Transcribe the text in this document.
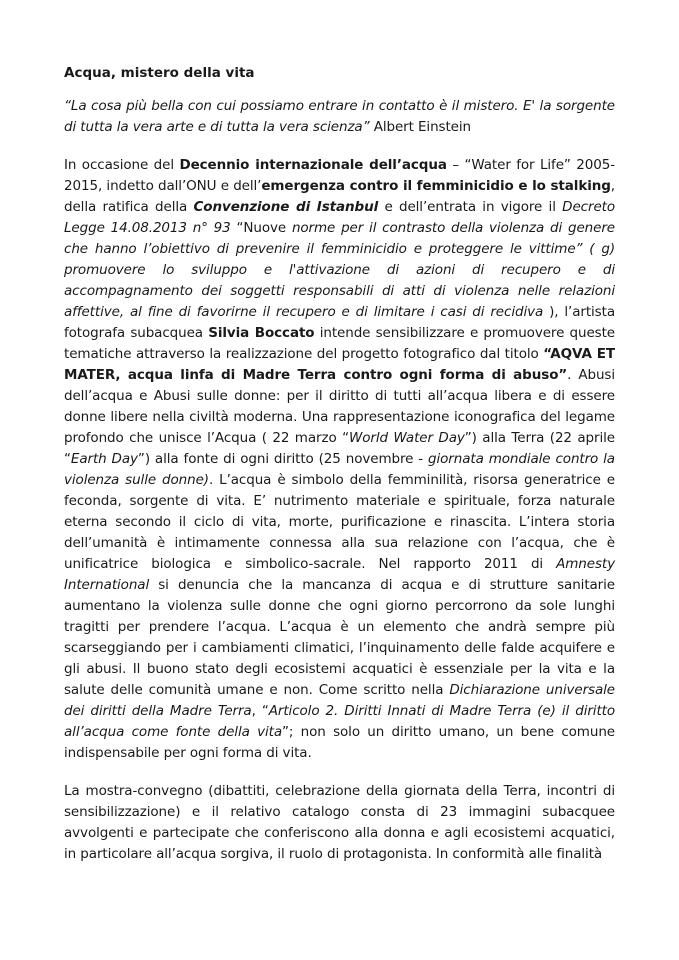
Acqua, mistero della vita

“La cosa più bella con cui possiamo entrare in contatto è il mistero. E' la sorgente di tutta la vera arte e di tutta la vera scienza” Albert Einstein

In occasione del Decennio internazionale dell’acqua – “Water for Life” 2005-2015, indetto dall’ONU e dell’emergenza contro il femminicidio e lo stalking, della ratifica della Convenzione di Istanbul e dell’entrata in vigore il Decreto Legge 14.08.2013 n° 93 “Nuove norme per il contrasto della violenza di genere che hanno l’obiettivo di prevenire il femminicidio e proteggere le vittime” ( g) promuovere lo sviluppo e l'attivazione di azioni di recupero e di accompagnamento dei soggetti responsabili di atti di violenza nelle relazioni affettive, al fine di favorirne il recupero e di limitare i casi di recidiva ), l’artista fotografa subacquea Silvia Boccato intende sensibilizzare e promuovere queste tematiche attraverso la realizzazione del progetto fotografico dal titolo “AQVA ET MATER, acqua linfa di Madre Terra contro ogni forma di abuso”. Abusi dell’acqua e Abusi sulle donne: per il diritto di tutti all’acqua libera e di essere donne libere nella civiltà moderna. Una rappresentazione iconografica del legame profondo che unisce l’Acqua ( 22 marzo “World Water Day”) alla Terra (22 aprile “Earth Day”) alla fonte di ogni diritto (25 novembre - giornata mondiale contro la violenza sulle donne). L’acqua è simbolo della femminilità, risorsa generatrice e feconda, sorgente di vita. E’ nutrimento materiale e spirituale, forza naturale eterna secondo il ciclo di vita, morte, purificazione e rinascita. L’intera storia dell’umanità è intimamente connessa alla sua relazione con l’acqua, che è unificatrice biologica e simbolico-sacrale. Nel rapporto 2011 di Amnesty International si denuncia che la mancanza di acqua e di strutture sanitarie aumentano la violenza sulle donne che ogni giorno percorrono da sole lunghi tragitti per prendere l’acqua. L’acqua è un elemento che andrà sempre più scarseggiando per i cambiamenti climatici, l’inquinamento delle falde acquifere e gli abusi. Il buono stato degli ecosistemi acquatici è essenziale per la vita e la salute delle comunità umane e non. Come scritto nella Dichiarazione universale dei diritti della Madre Terra, “Articolo 2. Diritti Innati di Madre Terra (e) il diritto all’acqua come fonte della vita”; non solo un diritto umano, un bene comune indispensabile per ogni forma di vita.

La mostra-convegno (dibattiti, celebrazione della giornata della Terra, incontri di sensibilizzazione) e il relativo catalogo consta di 23 immagini subacquee avvolgenti e partecipate che conferiscono alla donna e agli ecosistemi acquatici, in particolare all’acqua sorgiva, il ruolo di protagonista. In conformità alle finalità
